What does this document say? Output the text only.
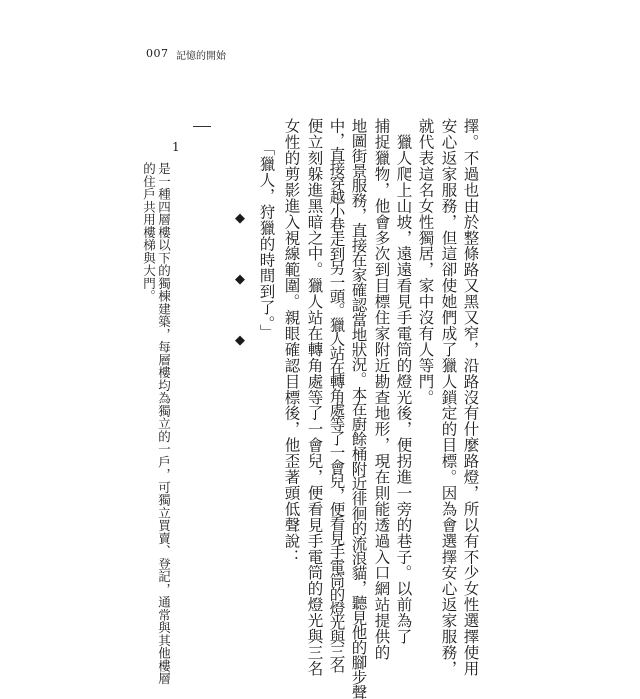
007 記憶的開始
擇。不過也由於整條路又黑又窄，沿路沒有什麼路燈，所以有不少女性選擇使用
安心返家服務，但這卻使她們成了獵人鎖定的目標。因為會選擇安心返家服務，
就代表這名女性獨居，家中沒有人等門。
　獵人爬上山坡，遠遠看見手電筒的燈光後，便拐進一旁的巷子。以前為了
捕捉獵物，他會多次到目標住家附近勘查地形，現在則能透過入口網站提供的
地圖街景服務，直接在家確認當地狀況。本在廚餘桶附近徘徊的流浪貓，聽見他的腳步聲
中，直接穿越小巷走到另一頭。獵人站在轉角處等了一會兒，便看見手電筒的燈光與三名
便立刻躲進黑暗之中。獵人站在轉角處等了一會兒，便看見手電筒的燈光與三名
女性的剪影進入視線範圍。親眼確認目標後，他歪著頭低聲說：
「獵人，狩獵的時間到了。」
◆
◆
◆
1
是一種四層樓以下的獨棟建築，每層樓均為獨立的一戶，可獨立買賣、登記，通常與其他樓層
的住戶共用樓梯與大門。
